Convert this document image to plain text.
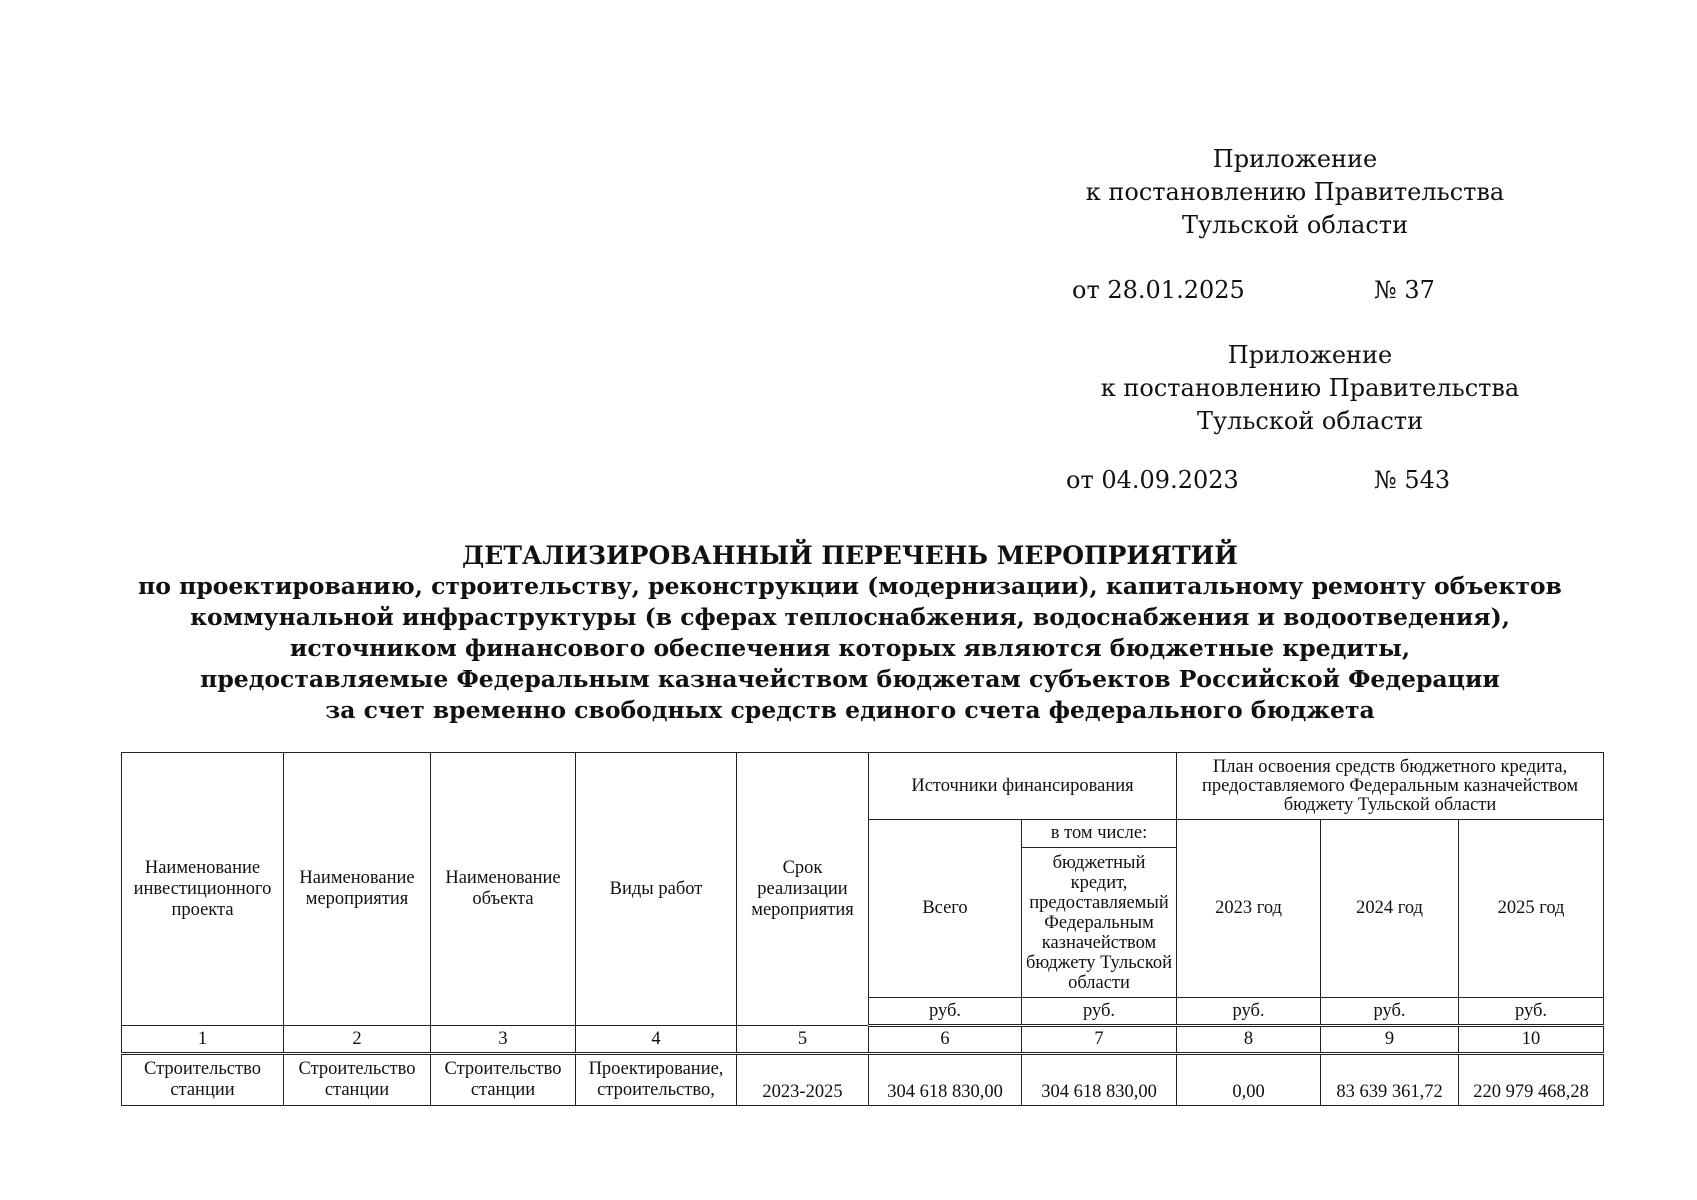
Приложение
к постановлению Правительства
Тульской области
от 28.01.2025	№ 37
Приложение
к постановлению Правительства
Тульской области
от 04.09.2023	№ 543
ДЕТАЛИЗИРОВАННЫЙ ПЕРЕЧЕНЬ МЕРОПРИЯТИЙ
по проектированию, строительству, реконструкции (модернизации), капитальному ремонту объектов
коммунальной инфраструктуры (в сферах теплоснабжения, водоснабжения и водоотведения),
источником финансового обеспечения которых являются бюджетные кредиты,
предоставляемые Федеральным казначейством бюджетам субъектов Российской Федерации
за счет временно свободных средств единого счета федерального бюджета
Наименование инвестиционного проекта	Наименование мероприятия	Наименование объекта	Виды работ	Срок реализации мероприятия	Источники финансирования		План освоения средств бюджетного кредита, предоставляемого Федеральным казначейством бюджету Тульской области		
					Всего	в том числе:	2023 год	2024 год	2025 год
						бюджетный кредит, предоставляемый Федеральным казначейством бюджету Тульской области			
					руб.	руб.	руб.	руб.	руб.
1	2	3	4	5	6	7	8	9	10
Строительство станции	Строительство станции	Строительство станции	Проектирование, строительство,	2023-2025	304 618 830,00	304 618 830,00	0,00	83 639 361,72	220 979 468,28
